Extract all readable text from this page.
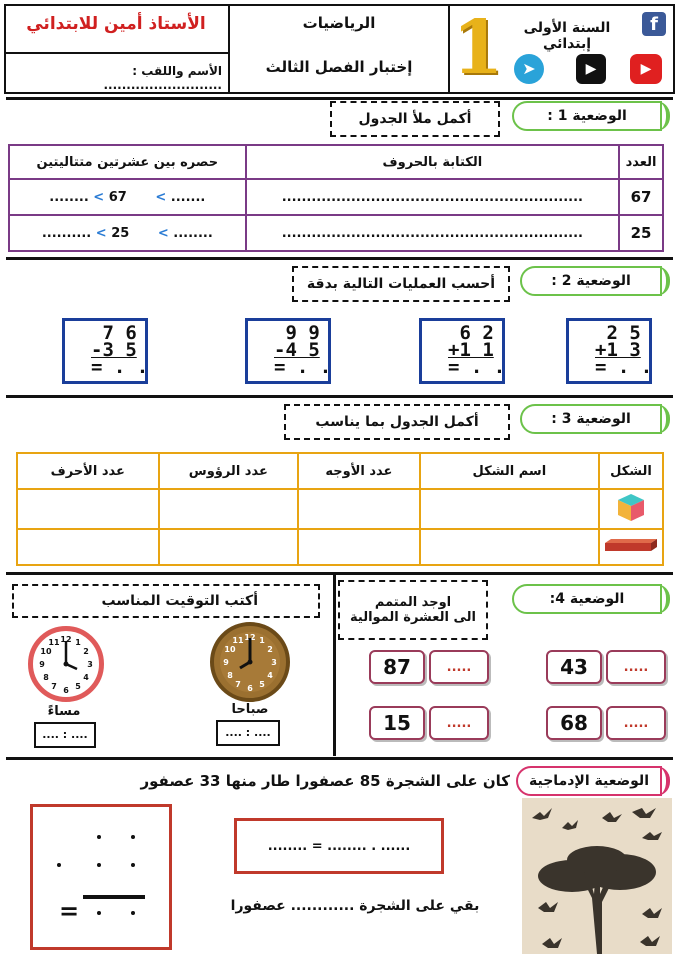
الأستاذ أمين للابتدائي
الأسم واللقب : ..........................
الرياضيات
إختبار الفصل الثالث 1	السنة الأولى إبتدائي
f
➤	▶	▶
الوضعية 1 :
أكمل ملأ الجدول
حصره بين عشرتين متتاليتين	الكتابة بالحروف	العدد
........ < 67 < .......	.............................................................	67
.......... < 25 < ........	.............................................................	25
الوضعية 2 :
أحسب العمليات التالية بدقة
2 5
+1 3
= . .
6 2
+1 1
= . .
9 9
-4 5
= . .
7 6
-3 5
= . .
الوضعية 3 :
أكمل الجدول بما يناسب
عدد الأحرف	عدد الرؤوس	عدد الأوجه	اسم الشكل	الشكل

الوضعية 4:
اوجد المتمم
الى العشرة الموالية
43	.....
87	.....
68	.....
15	.....
أكتب التوقيت المناسب
12 1
2
3
4
5
6
7
8
9
10
11
صباحا
.... : ....
12 1
2
3
4
5
6
7
8
9
10
11
مساءً
.... : ....
الوضعية الإدماجية
كان على الشجرة 85 عصفورا طار منها 33 عصفور
........ = ........ . ......
بقي على الشجرة ............ عصفورا
=
